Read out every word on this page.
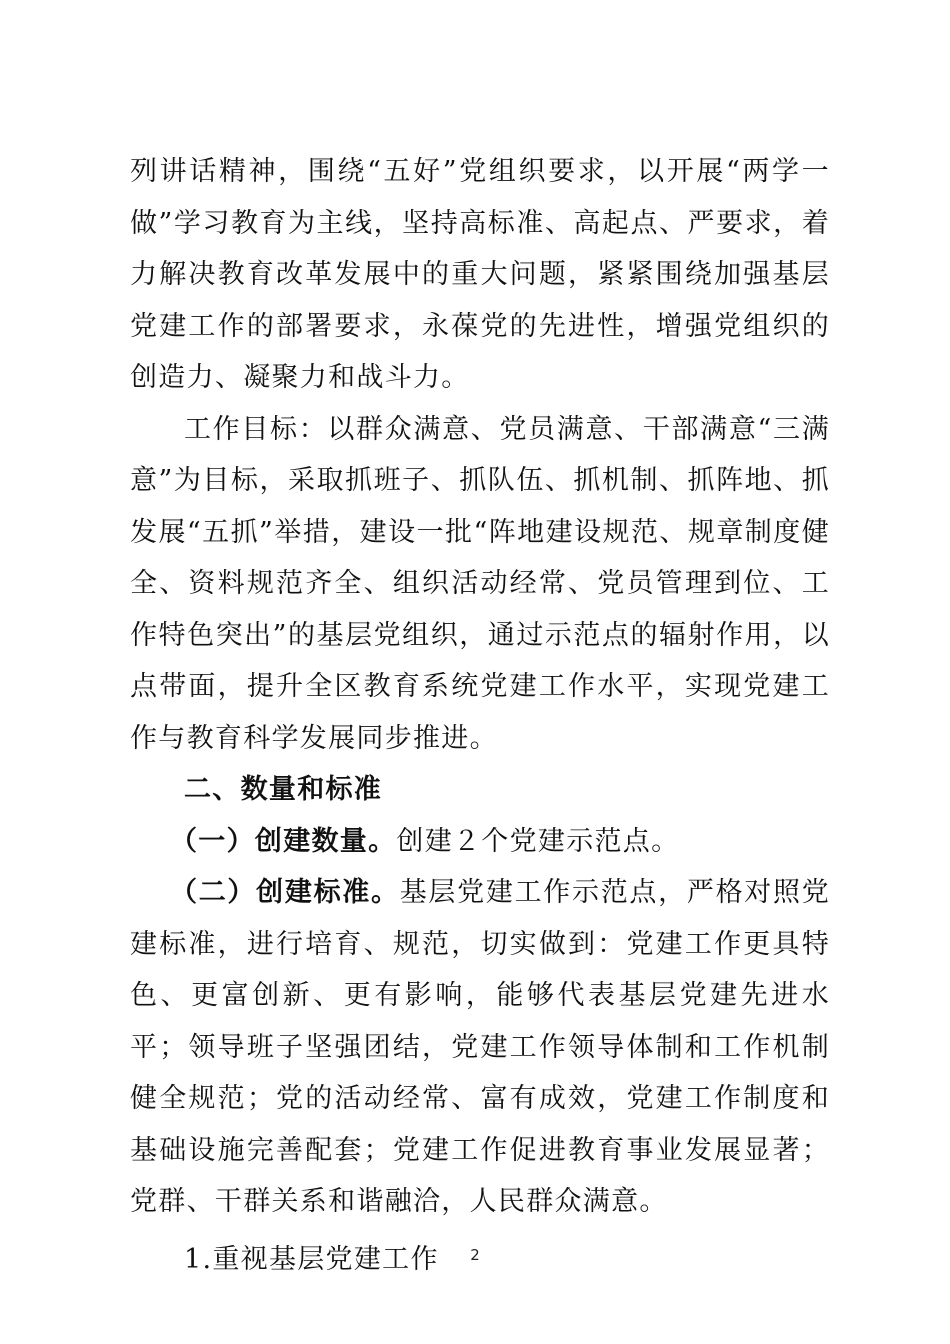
列讲话精神，围绕“五好”党组织要求，以开展“两学一做”学习教育为主线，坚持高标准、高起点、严要求，着力解决教育改革发展中的重大问题，紧紧围绕加强基层党建工作的部署要求，永葆党的先进性，增强党组织的创造力、凝聚力和战斗力。

工作目标：以群众满意、党员满意、干部满意“三满意”为目标，采取抓班子、抓队伍、抓机制、抓阵地、抓发展“五抓”举措，建设一批“阵地建设规范、规章制度健全、资料规范齐全、组织活动经常、党员管理到位、工作特色突出”的基层党组织，通过示范点的辐射作用，以点带面，提升全区教育系统党建工作水平，实现党建工作与教育科学发展同步推进。

二、数量和标准

（一）创建数量。创建２个党建示范点。

（二）创建标准。基层党建工作示范点，严格对照党建标准，进行培育、规范，切实做到：党建工作更具特色、更富创新、更有影响，能够代表基层党建先进水平；领导班子坚强团结，党建工作领导体制和工作机制健全规范；党的活动经常、富有成效，党建工作制度和基础设施完善配套；党建工作促进教育事业发展显著；党群、干群关系和谐融洽，人民群众满意。

1.重视基层党建工作	2
